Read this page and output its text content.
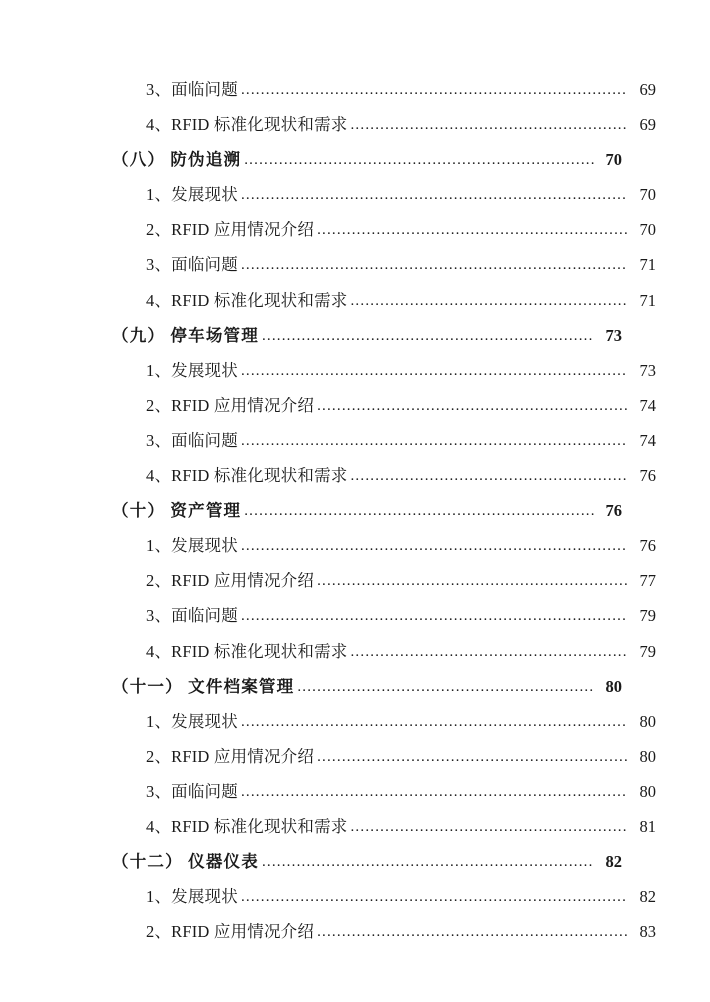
3、面临问题 .....	69
4、RFID 标准化现状和需求 .....	69
（八） 防伪追溯 .....	70
1、发展现状 .....	70
2、RFID 应用情况介绍 .....	70
3、面临问题 .....	71
4、RFID 标准化现状和需求 .....	71
（九） 停车场管理 .....	73
1、发展现状 .....	73
2、RFID 应用情况介绍 .....	74
3、面临问题 .....	74
4、RFID 标准化现状和需求 .....	76
（十） 资产管理 .....	76
1、发展现状 .....	76
2、RFID 应用情况介绍 .....	77
3、面临问题 .....	79
4、RFID 标准化现状和需求 .....	79
（十一） 文件档案管理 .....	80
1、发展现状 .....	80
2、RFID 应用情况介绍 .....	80
3、面临问题 .....	80
4、RFID 标准化现状和需求 .....	81
（十二） 仪器仪表 .....	82
1、发展现状 .....	82
2、RFID 应用情况介绍 .....	83
